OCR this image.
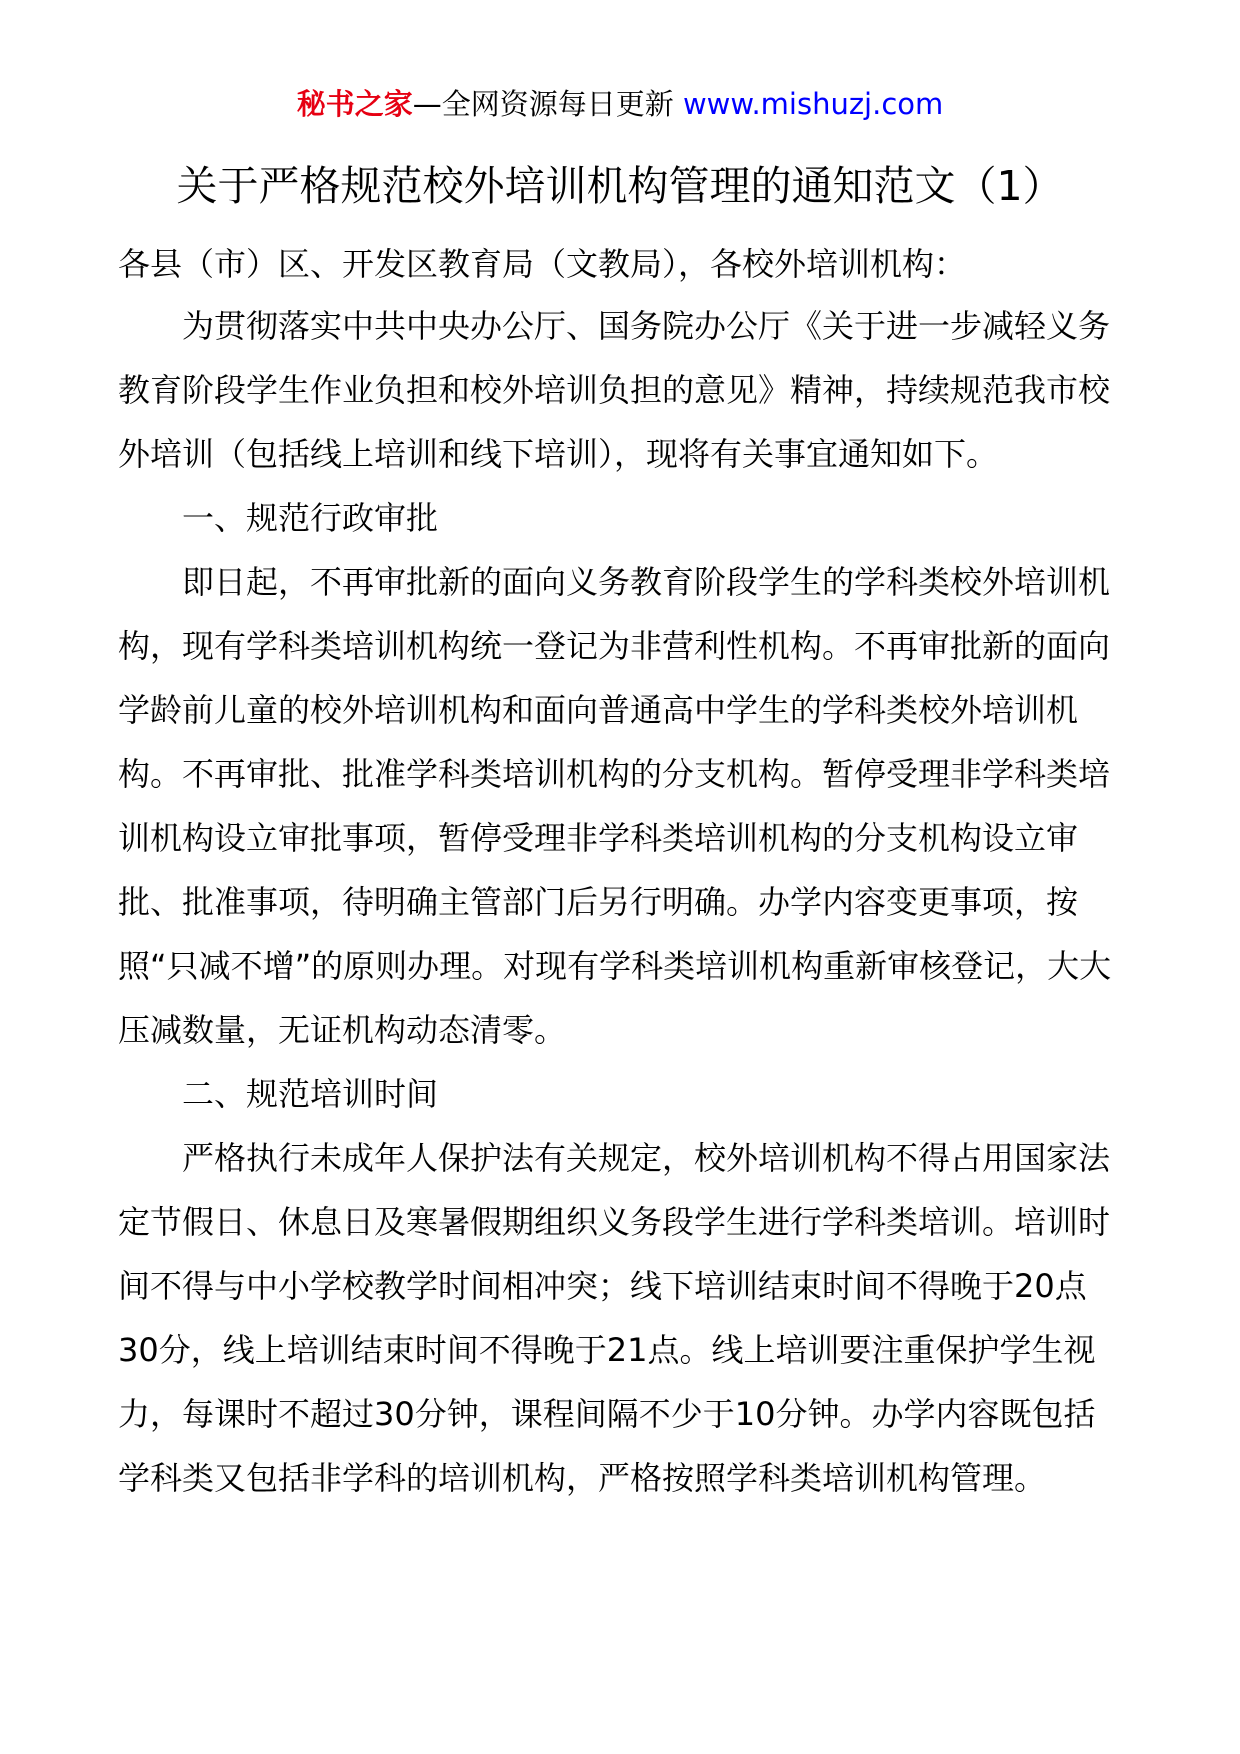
秘书之家—全网资源每日更新 www.mishuzj.com
关于严格规范校外培训机构管理的通知范文（1）

各县（市）区、开发区教育局（文教局），各校外培训机构：

为贯彻落实中共中央办公厅、国务院办公厅《关于进一步减轻义务教育阶段学生作业负担和校外培训负担的意见》精神，持续规范我市校外培训（包括线上培训和线下培训），现将有关事宜通知如下。

一、规范行政审批

即日起，不再审批新的面向义务教育阶段学生的学科类校外培训机构，现有学科类培训机构统一登记为非营利性机构。不再审批新的面向学龄前儿童的校外培训机构和面向普通高中学生的学科类校外培训机构。不再审批、批准学科类培训机构的分支机构。暂停受理非学科类培训机构设立审批事项，暂停受理非学科类培训机构的分支机构设立审批、批准事项，待明确主管部门后另行明确。办学内容变更事项，按照“只减不增”的原则办理。对现有学科类培训机构重新审核登记，大大压减数量，无证机构动态清零。

二、规范培训时间

严格执行未成年人保护法有关规定，校外培训机构不得占用国家法定节假日、休息日及寒暑假期组织义务段学生进行学科类培训。培训时间不得与中小学校教学时间相冲突；线下培训结束时间不得晚于20点30分，线上培训结束时间不得晚于21点。线上培训要注重保护学生视力，每课时不超过30分钟，课程间隔不少于10分钟。办学内容既包括学科类又包括非学科的培训机构，严格按照学科类培训机构管理。
